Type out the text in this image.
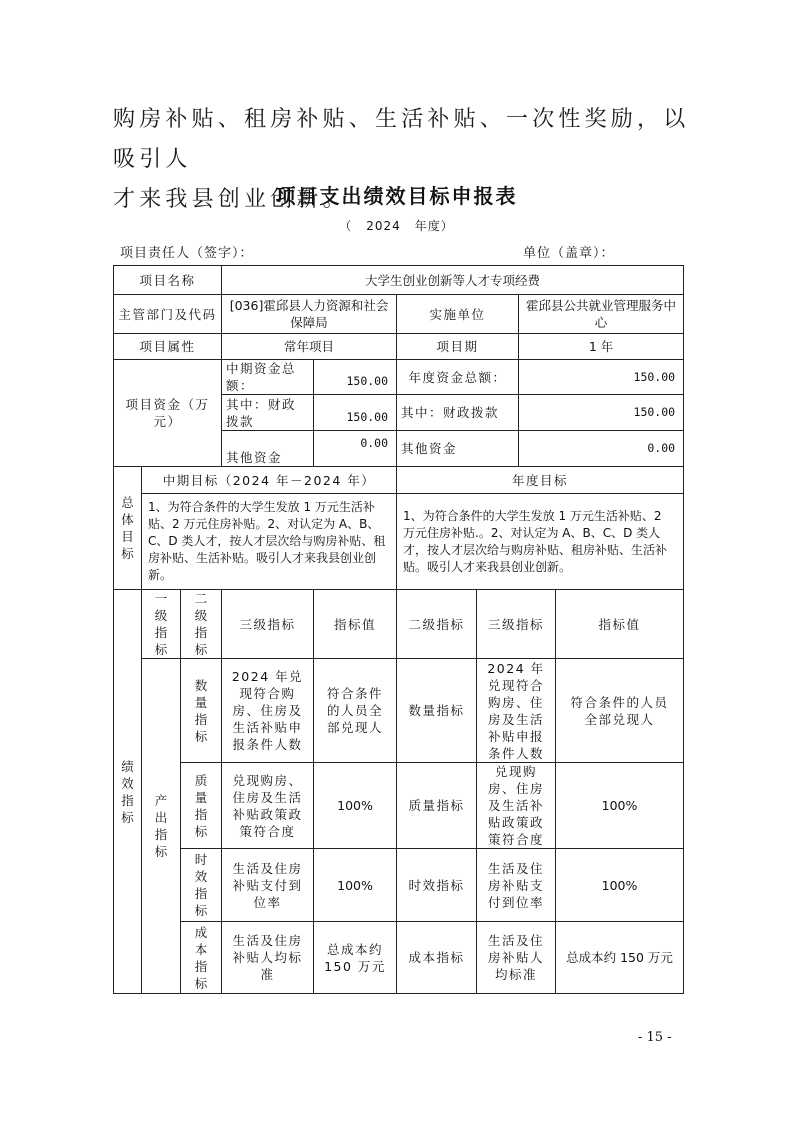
购房补贴、租房补贴、生活补贴、一次性奖励，以吸引人
才来我县创业创新。
项目支出绩效目标申报表
（ 2024 年度）
项目责任人（签字）：	单位（盖章）：
项目名称			大学生创业创新等人才专项经费					
主管部门及代码			[036]霍邱县人力资源和社会保障局		实施单位		霍邱县公共就业管理服务中心	
项目属性			常年项目		项目期		1 年	
项目资金（万元）			中期资金总额：	150.00	年度资金总额：		150.00	
			其中：财政拨款	150.00	其中：财政拨款		150.00	
			其他资金	0.00	其他资金		0.00	
总体目标	中期目标（2024 年－2024 年）				年度目标			
	1、为符合条件的大学生发放 1 万元生活补贴、2 万元住房补贴。2、对认定为 A、B、C、D 类人才，按人才层次给与购房补贴、租房补贴、生活补贴。吸引人才来我县创业创新。				1、为符合条件的大学生发放 1 万元生活补贴、2 万元住房补贴.。2、对认定为 A、B、C、D 类人才，按人才层次给与购房补贴、租房补贴、生活补贴。吸引人才来我县创业创新。			
绩效指标	一级指标	二级指标	三级指标	指标值	二级指标	三级指标		指标值
	产出指标	数量指标	2024 年兑现符合购房、住房及生活补贴申报条件人数	符合条件的人员全部兑现人	数量指标	2024 年兑现符合购房、住房及生活补贴申报条件人数		符合条件的人员全部兑现人
		质量指标	兑现购房、住房及生活补贴政策政策符合度	100%	质量指标	兑现购房、住房及生活补贴政策政策符合度		100%
		时效指标	生活及住房补贴支付到位率	100%	时效指标	生活及住房补贴支付到位率		100%
		成本指标	生活及住房补贴人均标准	总成本约 150 万元	成本指标	生活及住房补贴人均标准		总成本约 150 万元
- 15 -
